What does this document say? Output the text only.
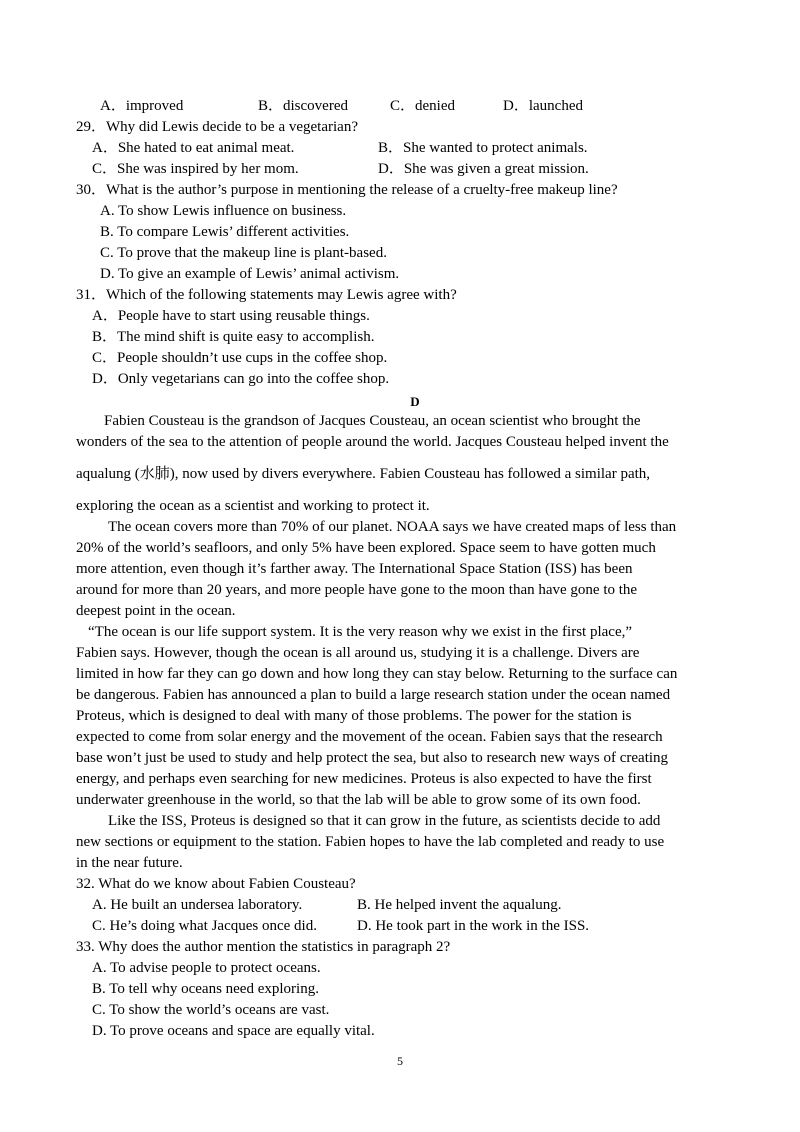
A．improved	B．discovered	C．denied	D．launched
29．Why did Lewis decide to be a vegetarian?
A．She hated to eat animal meat.	B．She wanted to protect animals.
C．She was inspired by her mom.	D．She was given a great mission.
30．What is the author’s purpose in mentioning the release of a cruelty-free makeup line?
A. To show Lewis influence on business.
B. To compare Lewis’ different activities.
C. To prove that the makeup line is plant-based.
D. To give an example of Lewis’ animal activism.
31．Which of the following statements may Lewis agree with?
A．People have to start using reusable things.
B．The mind shift is quite easy to accomplish.
C．People shouldn’t use cups in the coffee shop.
D．Only vegetarians can go into the coffee shop.
D
Fabien Cousteau is the grandson of Jacques Cousteau, an ocean scientist who brought the
wonders of the sea to the attention of people around the world. Jacques Cousteau helped invent the
aqualung (水肺), now used by divers everywhere. Fabien Cousteau has followed a similar path,
exploring the ocean as a scientist and working to protect it.
The ocean covers more than 70% of our planet. NOAA says we have created maps of less than
20% of the world’s seafloors, and only 5% have been explored. Space seem to have gotten much
more attention, even though it’s farther away. The International Space Station (ISS) has been
around for more than 20 years, and more people have gone to the moon than have gone to the
deepest point in the ocean.
“The ocean is our life support system. It is the very reason why we exist in the first place,”
Fabien says. However, though the ocean is all around us, studying it is a challenge. Divers are
limited in how far they can go down and how long they can stay below. Returning to the surface can
be dangerous. Fabien has announced a plan to build a large research station under the ocean named
Proteus, which is designed to deal with many of those problems. The power for the station is
expected to come from solar energy and the movement of the ocean. Fabien says that the research
base won’t just be used to study and help protect the sea, but also to research new ways of creating
energy, and perhaps even searching for new medicines. Proteus is also expected to have the first
underwater greenhouse in the world, so that the lab will be able to grow some of its own food.
Like the ISS, Proteus is designed so that it can grow in the future, as scientists decide to add
new sections or equipment to the station. Fabien hopes to have the lab completed and ready to use
in the near future.
32. What do we know about Fabien Cousteau?
A. He built an undersea laboratory.	B. He helped invent the aqualung.
C. He’s doing what Jacques once did.	D. He took part in the work in the ISS.
33. Why does the author mention the statistics in paragraph 2?
A. To advise people to protect oceans.
B. To tell why oceans need exploring.
C. To show the world’s oceans are vast.
D. To prove oceans and space are equally vital.
5
